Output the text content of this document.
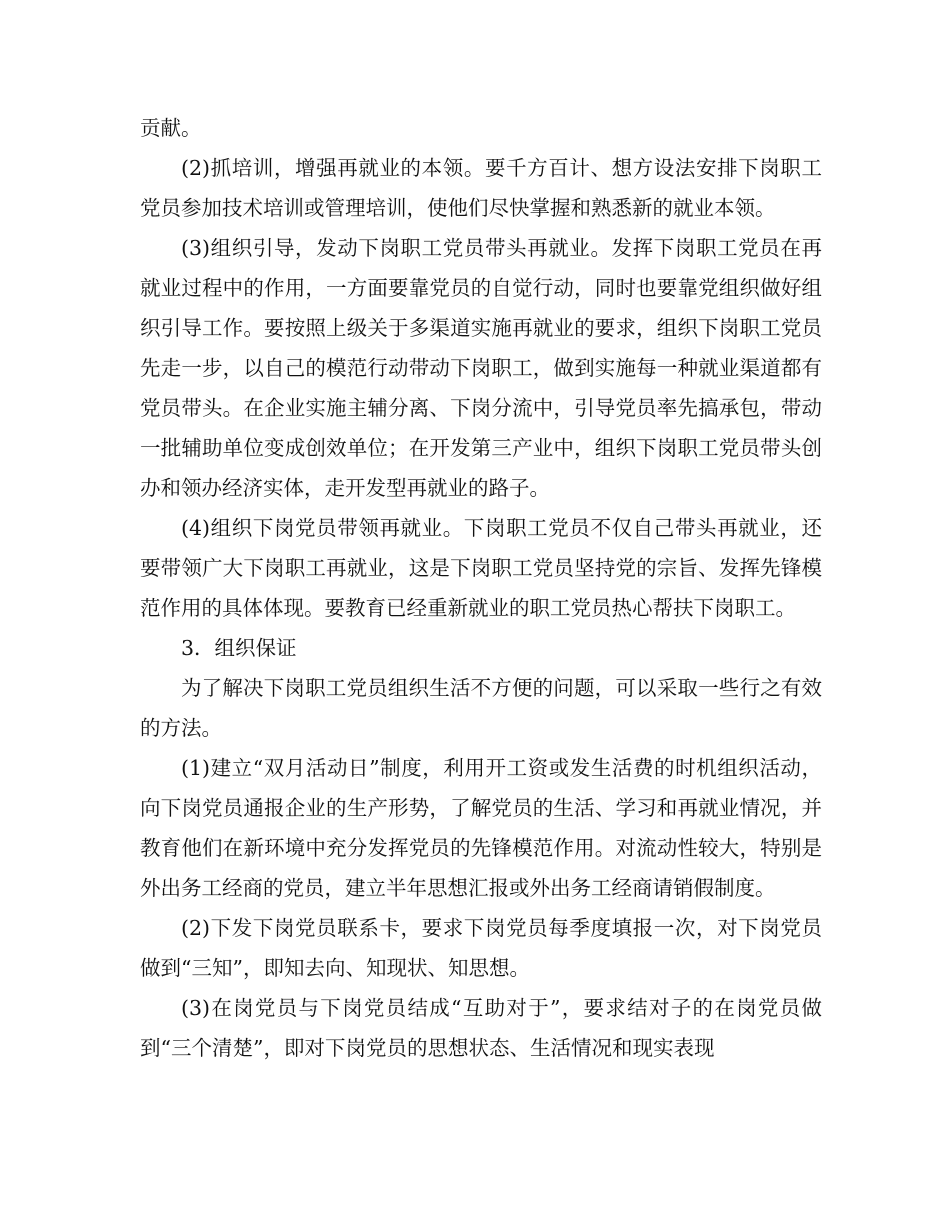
贡献。

(2)抓培训，增强再就业的本领。要千方百计、想方设法安排下岗职工党员参加技术培训或管理培训，使他们尽快掌握和熟悉新的就业本领。

(3)组织引导，发动下岗职工党员带头再就业。发挥下岗职工党员在再就业过程中的作用，一方面要靠党员的自觉行动，同时也要靠党组织做好组织引导工作。要按照上级关于多渠道实施再就业的要求，组织下岗职工党员先走一步，以自己的模范行动带动下岗职工，做到实施每一种就业渠道都有党员带头。在企业实施主辅分离、下岗分流中，引导党员率先搞承包，带动一批辅助单位变成创效单位；在开发第三产业中，组织下岗职工党员带头创办和领办经济实体，走开发型再就业的路子。

(4)组织下岗党员带领再就业。下岗职工党员不仅自己带头再就业，还要带领广大下岗职工再就业，这是下岗职工党员坚持党的宗旨、发挥先锋模范作用的具体体现。要教育已经重新就业的职工党员热心帮扶下岗职工。

3．组织保证

为了解决下岗职工党员组织生活不方便的问题，可以采取一些行之有效的方法。

(1)建立“双月活动日”制度，利用开工资或发生活费的时机组织活动，向下岗党员通报企业的生产形势，了解党员的生活、学习和再就业情况，并教育他们在新环境中充分发挥党员的先锋模范作用。对流动性较大，特别是外出务工经商的党员，建立半年思想汇报或外出务工经商请销假制度。

(2)下发下岗党员联系卡，要求下岗党员每季度填报一次，对下岗党员做到“三知”，即知去向、知现状、知思想。

(3)在岗党员与下岗党员结成“互助对于”，要求结对子的在岗党员做到“三个清楚”，即对下岗党员的思想状态、生活情况和现实表现
